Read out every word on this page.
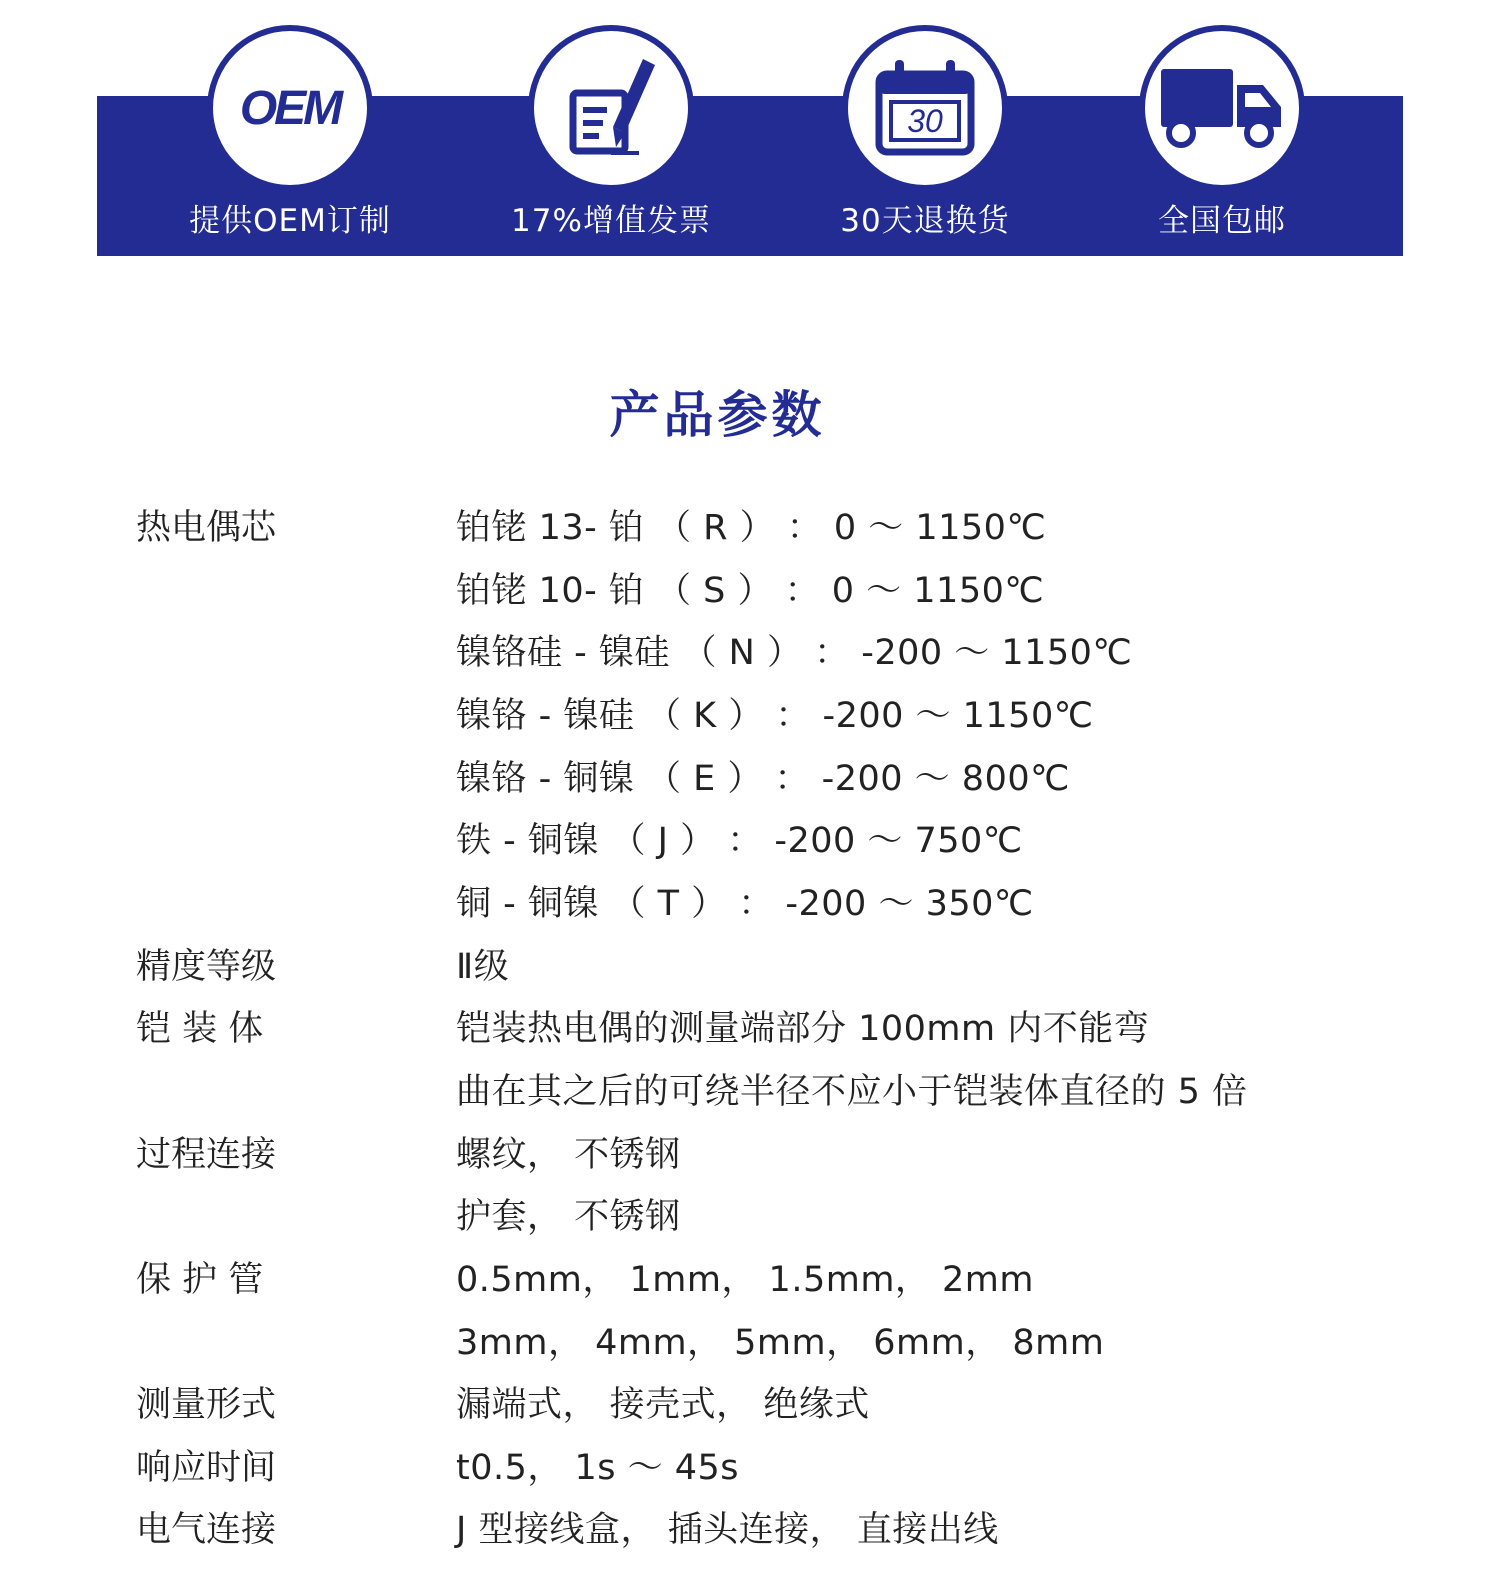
OEM
提供OEM订制	17%增值发票
30
30天退换货	全国包邮
产品参数
热电偶芯	铂铑 13- 铂 （ R ） ： 0 ～ 1150℃
铂铑 10- 铂 （ S ） ： 0 ～ 1150℃
镍铬硅 - 镍硅 （ N ） ： -200 ～ 1150℃
镍铬 - 镍硅 （ K ） ： -200 ～ 1150℃
镍铬 - 铜镍 （ E ） ： -200 ～ 800℃
铁 - 铜镍 （ J ） ： -200 ～ 750℃
铜 - 铜镍 （ T ） ： -200 ～ 350℃
精度等级	Ⅱ级
铠 装 体	铠装热电偶的测量端部分 100mm 内不能弯
曲在其之后的可绕半径不应小于铠装体直径的 5 倍
过程连接	螺纹， 不锈钢
护套， 不锈钢
保 护 管	0.5mm， 1mm， 1.5mm， 2mm
3mm， 4mm， 5mm， 6mm， 8mm
测量形式	漏端式， 接壳式， 绝缘式
响应时间	t0.5， 1s ～ 45s
电气连接	J 型接线盒， 插头连接， 直接出线
